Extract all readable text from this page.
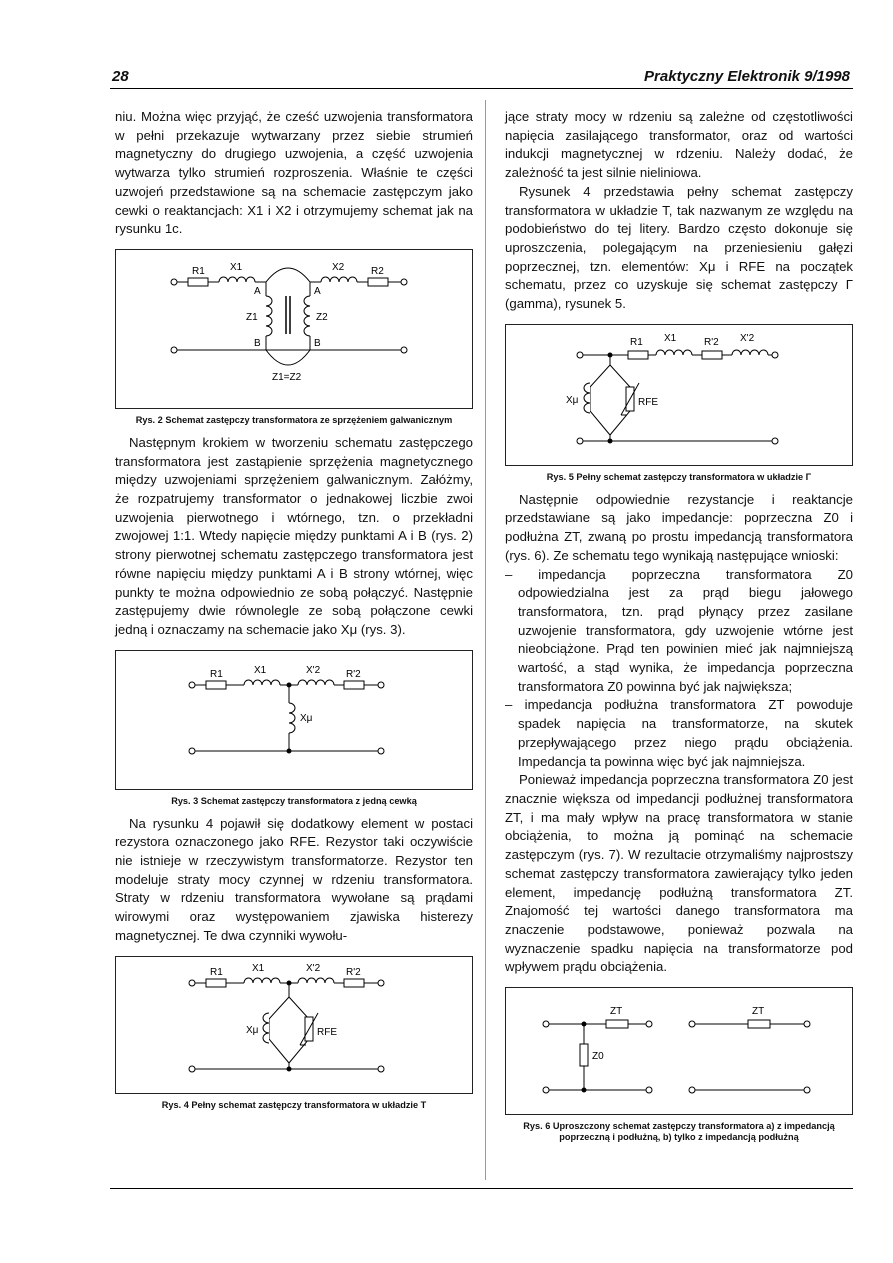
28	Praktyczny Elektronik 9/1998

niu. Można więc przyjąć, że cześć uzwojenia transformatora w pełni przekazuje wytwarzany przez siebie strumień magnetyczny do drugiego uzwojenia, a część uzwojenia wytwarza tylko strumień rozproszenia. Właśnie te części uzwojeń przedstawione są na schemacie zastępczym jako cewki o reaktancjach: X1 i X2 i otrzymujemy schemat jak na rysunku 1c.

R1	X1	X2	R2
A	A
Z1	Z2
B	B
Z1=Z2
Rys. 2 Schemat zastępczy transformatora ze sprzężeniem galwanicznym

Następnym krokiem w tworzeniu schematu zastępczego transformatora jest zastąpienie sprzężenia magnetycznego między uzwojeniami sprzężeniem galwanicznym. Załóżmy, że rozpatrujemy transformator o jednakowej liczbie zwoi uzwojenia pierwotnego i wtórnego, tzn. o przekładni zwojowej 1:1. Wtedy napięcie między punktami A i B (rys. 2) strony pierwotnej schematu zastępczego transformatora jest równe napięciu między punktami A i B strony wtórnej, więc punkty te można odpowiednio ze sobą połączyć. Następnie zastępujemy dwie równolegle ze sobą połączone cewki jedną i oznaczamy na schemacie jako Xμ (rys. 3).

R1	X1	X'2	R'2
Xμ
Rys. 3 Schemat zastępczy transformatora z jedną cewką

Na rysunku 4 pojawił się dodatkowy element w postaci rezystora oznaczonego jako RFE. Rezystor taki oczywiście nie istnieje w rzeczywistym transformatorze. Rezystor ten modeluje straty mocy czynnej w rdzeniu transformatora. Straty w rdzeniu transformatora wywołane są prądami wirowymi oraz występowaniem zjawiska histerezy magnetycznej. Te dwa czynniki wywołu-

R1	X1	X'2	R'2
Xμ	RFE
Rys. 4 Pełny schemat zastępczy transformatora w układzie T

jące straty mocy w rdzeniu są zależne od częstotliwości napięcia zasilającego transformator, oraz od wartości indukcji magnetycznej w rdzeniu. Należy dodać, że zależność ta jest silnie nieliniowa.

Rysunek 4 przedstawia pełny schemat zastępczy transformatora w układzie T, tak nazwanym ze względu na podobieństwo do tej litery. Bardzo często dokonuje się uproszczenia, polegającym na przeniesieniu gałęzi poprzecznej, tzn. elementów: Xμ i RFE na początek schematu, przez co uzyskuje się schemat zastępczy Γ (gamma), rysunek 5.

R1 X1	R'2 X'2
Xμ	RFE
Rys. 5 Pełny schemat zastępczy transformatora w układzie Γ

Następnie odpowiednie rezystancje i reaktancje przedstawiane są jako impedancje: poprzeczna Z0 i podłużna ZT, zwaną po prostu impedancją transformatora (rys. 6). Ze schematu tego wynikają następujące wnioski:

– impedancja poprzeczna transformatora Z0 odpowiedzialna jest za prąd biegu jałowego transformatora, tzn. prąd płynący przez zasilane uzwojenie transformatora, gdy uzwojenie wtórne jest nieobciążone. Prąd ten powinien mieć jak najmniejszą wartość, a stąd wynika, że impedancja poprzeczna transformatora Z0 powinna być jak największa;
– impedancja podłużna transformatora ZT powoduje spadek napięcia na transformatorze, na skutek przepływającego przez niego prądu obciążenia. Impedancja ta powinna więc być jak najmniejsza.

Ponieważ impedancja poprzeczna transformatora Z0 jest znacznie większa od impedancji podłużnej transformatora ZT, i ma mały wpływ na pracę transformatora w stanie obciążenia, to można ją pominąć na schemacie zastępczym (rys. 7). W rezultacie otrzymaliśmy najprostszy schemat zastępczy transformatora zawierający tylko jeden element, impedancję podłużną transformatora ZT. Znajomość tej wartości danego transformatora ma znaczenie podstawowe, ponieważ pozwala na wyznaczenie spadku napięcia na transformatorze pod wpływem prądu obciążenia.

ZT
Z0
ZT
Rys. 6 Uproszczony schemat zastępczy transformatora a) z impedancją poprzeczną i podłużną, b) tylko z impedancją podłużną
